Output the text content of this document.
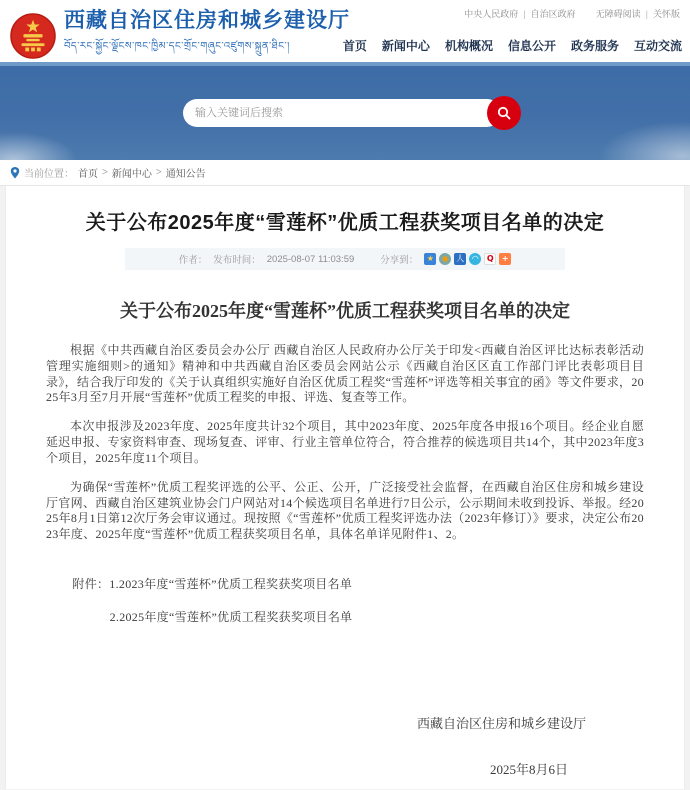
中央人民政府 | 自治区政府 无障碍阅读 | 关怀版
西藏自治区住房和城乡建设厅
བོད་རང་སྐྱོང་ལྗོངས་ཁང་ཁྱིམ་དང་གྲོང་གཞུང་འཛུགས་སྐྲུན་ཐིང་།	首页 新闻中心 机构概况 信息公开 政务服务 互动交流
输入关键词后搜索
当前位置： 首页 > 新闻中心 > 通知公告
关于公布2025年度“雪莲杯”优质工程获奖项目名单的决定
作者： 发布时间： 2025-08-07 11:03:59	分享到：	★ ◉ 人 ◠	Q	+
关于公布2025年度“雪莲杯”优质工程获奖项目名单的决定

根据《中共西藏自治区委员会办公厅 西藏自治区人民政府办公厅关于印发<西藏自治区评比达标表彰活动管理实施细则>的通知》精神和中共西藏自治区委员会网站公示《西藏自治区区直工作部门评比表彰项目目录》，结合我厅印发的《关于认真组织实施好自治区优质工程奖“雪莲杯”评选等相关事宜的函》等文件要求，2025年3月至7月开展“雪莲杯”优质工程奖的申报、评选、复查等工作。

本次申报涉及2023年度、2025年度共计32个项目，其中2023年度、2025年度各申报16个项目。经企业自愿延迟申报、专家资料审查、现场复查、评审、行业主管单位符合，符合推荐的候选项目共14个，其中2023年度3个项目，2025年度11个项目。

为确保“雪莲杯”优质工程奖评选的公平、公正、公开，广泛接受社会监督，在西藏自治区住房和城乡建设厅官网、西藏自治区建筑业协会门户网站对14个候选项目名单进行7日公示，公示期间未收到投诉、举报。经2025年8月1日第12次厅务会审议通过。现按照《“雪莲杯”优质工程奖评选办法（2023年修订）》要求，决定公布2023年度、2025年度“雪莲杯”优质工程获奖项目名单，具体名单详见附件1、2。

附件：1.2023年度“雪莲杯”优质工程奖获奖项目名单
2.2025年度“雪莲杯”优质工程奖获奖项目名单
西藏自治区住房和城乡建设厅
2025年8月6日
